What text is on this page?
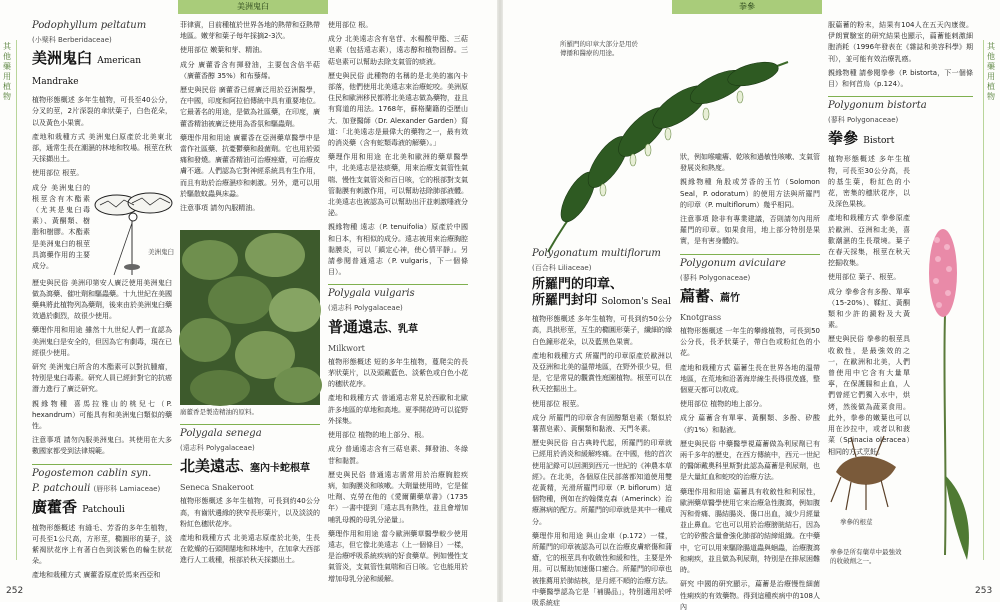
美洲鬼臼	拳參
其他藥用植物
其他藥用植物
252	253

Podophyllum peltatum

(小檗科 Berberidaceae)

美洲鬼臼 American Mandrake

植物形態概述 多年生植物，可長至40公分，分叉的莖，2片深裂的傘狀葉子，白色花朵，以及黃色小果實。

產地和栽種方式 美洲鬼臼原產於北美東北部，通常生長在潮濕的林地和牧場。根莖在秋天採擷出土。

使用部位 根莖。

成分 美洲鬼臼的根莖含有木酯素（尤其是鬼臼毒素）、黃酮類、樹脂和樹膠。木酯素是美洲鬼臼的根莖具瀉藥作用的主要成分。

歷史與民俗 美洲印第安人廣泛使用美洲鬼臼做為瀉藥、催吐劑和驅蟲藥。十九世紀在美國藥典將此植物列為藥劑，後來由於美洲鬼臼藥效過於劇烈，故很少使用。

藥理作用和用途 雖然十九世紀人們一直認為美洲鬼臼是安全的，但因為它有劇毒，現在已經很少使用。

研究 美洲鬼臼所含的木酯素可以對抗腫瘤，特別是鬼臼毒素。研究人員已經針對它的抗癌潛力進行了廣泛研究。

親緣物種 喜馬拉雅山的桃兒七（P. hexandrum）可能具有和美洲鬼臼類似的藥性。

注意事項 請勿內服美洲鬼臼。其使用在大多數國家都受到法律規範。

Pogostemon cablin syn.

P. patchouli (唇形科 Lamiaceae)

廣藿香 Patchouli

植物形態概述 有縫毛、芳香的多年生植物，可長至1公尺高，方形莖，橢圓形的葉子，淡紫褐狀花序上有著白色到淡紫色的輪生狀花朵。

產地和栽種方式 廣藿香原產於馬來西亞和

美洲鬼臼

菲律賓，目前種植於世界各地的熱帶和亞熱帶地區。嫩芽和葉子每年採摘2-3次。

使用部位 嫩葉和芽、精油。

成分 廣藿香含有揮發油，主要包含倍半萜（廣藿香醇 35%）和布藜烯。

歷史與民俗 廣藿香已經廣泛用於亞洲醫學，在中國，印度和阿拉伯傳統中具有重要地位。它最著名的用途，是做為社區藥，在印度，廣藿香精油被廣泛使用為香氛和驅蟲劑。

藥理作用和用途 廣藿香在亞洲藥草醫學中是當作社區藥、抗憂鬱藥和殺菌劑。它也用於頭痛和發燒。廣藿香精油可治療痤瘡，可治療皮膚不適。人們認為它對神經系統具有生作用，而且有助於治療濕疹和刺激。另外，還可以用於驅散蚊蟲與床蝨。

注意事項 請勿內服精油。

廣藿香是製造精油的原料。

Polygala senega

(遠志科 Polygalaceae)

北美遠志、塞內卡蛇根草

Seneca Snakeroot

植物形態概述 多年生植物，可長到約40公分高，有齒狀邊緣的狹窄長形葉片，以及淡淡的粉紅色穗狀花序。

產地和栽種方式 北美遠志原產於北美，生長在乾燥的石頭開闊地和林地中，在加拿大西部進行人工栽種，根部於秋天採擷出土。

使用部位 根。

成分 北美遠志含有皂苷、水楊酸甲酯、三萜皂素（包括遠志素），遠志醇和植物固醇。三萜皂素可以幫助去除支氣管的痰液。

歷史與民俗 此種物的名稱的是北美的塞內卡部落，他們使用北美遠志來治療蛇咬。美洲原住民和歐洲移民都將北美遠志做為藥物，並且有寫道的用法。1768年，蘇格蘭籍的亞歷山大．加登醫師（Dr. Alexander Garden）寫道：「北美遠志是最偉大的藥物之一，最有效的消炎藥（含有蛇類毒液的解藥）。」

藥理作用和用途 在北美和歐洲的藥草醫學中，北美遠志是祛痰藥，用來治療支氣管性氣喘、慢性支氣管炎和百日咳，它的根部對支氣管黏膜有刺激作用，可以幫助祛除肺部液體。北美遠志也被認為可以幫助出汗並刺激唾液分泌。

親緣物種 遠志（P. tenuifolia）原產於中國和日本，有相似的成分。遠志被用來治療胸腔黏膜炎，可以「鎮定心神，使心情平靜」。另請參閱普通遠志（P. vulgaris，下一個條目）。

Polygala vulgaris

(遠志科 Polygalaceae)

普通遠志、乳草

Milkwort

植物形態概述 短的多年生植物，蔓爬尖的長茅狀葉片，以及頭戴藍色、淡紫色或白色小花的穗狀花序。

產地和栽種方式 普通遠志常見於西歐和北歐許多地區的草地和高地。夏季開花時可以從野外採集。

使用部位 植物的地上部分、根。

成分 普通遠志含有三萜皂素、揮發油、冬綠苷和黏質。

歷史與民俗 普通遠志需常用於治療胸腔疾病，如胸膜炎和咳嗽。大劑量使用時，它是催吐劑、克勞在他的《愛爾蘭藥草書》（1735年）一書中提到「遠志具有熱性，並且會增加哺乳母親的母乳分泌量」。

藥理作用和用途 當今歐洲藥草醫學較少使用遠志，但它像北美遠志（上一個條目）一樣，是治療呼吸系統疾病的好食藥草。例如慢性支氣管炎，支氣管性氣喘和百日咳。它也能用於增加母乳分泌和緩解。

所羅門的印章大部分是用於傳播和醫療的用途。

Polygonatum multiflorum

(百合科 Liliaceae)

所羅門的印章、
所羅門封印 Solomon's Seal

植物形態概述 多年生植物，可長到約50公分高，具拱形莖，互生的橢圓形葉子，纖細的綠白色鐘形花朵，以及藍黑色果實。

產地和栽種方式 所羅門的印章原產於歐洲以及亞洲和北美的溫帶地區，在野外很少見，但是，它是常見的觀賞性庭園植物。根莖可以在秋天挖掘出土。

使用部位 根莖。

成分 所羅門的印章含有固醇類皂素（類似於薯蕷皂素）、黃酮類和黏液、天門冬素。

歷史與民俗 自古典時代起，所羅門的印章就已經用於消炎和緩解疼痛。在中國，他的首次使用記錄可以回溯到西元一世紀的《神農本草經》。在北美，各個原住民部落都知道使用雙花黃精，光滑所羅門印章（P. biflorum）這個物種，例如在約翰傑克森（Amerinck）治療淋病的配方。所羅門的印章就是其中一種成分。

藥理作用和用途 與山金車（p.172）一樣，所羅門的印章被認為可以在治療皮膚瘀傷和蒲瘡，它的根莖具有收斂性和緩和性，主要是外用。可以幫助加速傷口癒合。所羅門的印章也被推薦用於肺結核，是月經不順的治療方法。中藥醫學認為它是「補腸品」，特別適用於呼吸系統症

狀，例如喉嚨癢、乾咳和過敏性咳嗽、支氣管發展炎和熱度。

親緣物種 角股或芳香的玉竹（Solomon Seal，P. odoratum）的使用方法與所羅門的印章（P. multiflorum）幾乎相同。

注意事項 除非有專業建議，否則請勿內用所羅門的印章。如果食用，地上部分特別是果實，是有害身體的。

Polygonum aviculare

(蓼科 Polygonaceae)

萹蓄、萹竹

Knotgrass

植物形態概述 一年生的攀緣植物，可長到50公分長，長矛狀葉子，帶白色或粉紅色的小花。

產地和栽種方式 萹蓄生長在世界各地的溫帶地區，在荒地和沿著海岸線生長得很茂盛，整個夏天都可以收成。

使用部位 植物的地上部分。

成分 萹蓄含有單寧、黃酮類、多酚、矽酸（約1%）和黏液。

歷史與民俗 中藥醫學視萹蓄做為利尿劑已有兩千多年的歷史，在西方傳統中，西元一世紀的醫師戴奧科里斯對此認為萹蓄是利尿劑，也是大量紅血和蛇咬的治療方法。

藥理作用和用途 萹蓄具有收斂性和利尿性，歐洲藥草醫學使用它來治療急性腹瀉，例如腹泻和骨痛、腸結腸炎、傷口出血，減少月經量並止鼻血。它也可以用於治療膀胱結石，因為它的矽酸含量會強化肺部的結締組織。在中藥中，它可以用來驅除腸道蟲與蛔蟲，治療腹瀉和痢疾，並且做為利尿劑，特別是在排尿困難時。

研究 中國的研究顯示，萹蓄是治療慢性細菌性痢疾的有效藥物。得到這種疾病中的108人內

服萹蓄的粉末，結果有104人在五天內康復。伊朗實驗室的研究結果也顯示，萹蓄能刺激細胞消耗（1996年發表在《雜誌和美容科學》期刊），並可能有效治療乳癌。

親緣物種 請參閱拳參（P. bistorta，下一個條目）和何首烏（p.124）。

Polygonum bistorta

(蓼科 Polygonaceae)

拳參 Bistort

植物形態概述 多年生植物，可長至30公分高，長的基生葉，粉紅色的小花，密集的穗狀花序，以及深色果核。

產地和栽種方式 拳參原產於歐洲、亞洲和北美，喜歡潮濕的生長環境。葉子在春天採集，根莖在秋天挖掘收集。

使用部位 葉子、根莖。

成分 拳參含有多酚、單寧（15-20%）、鞣紅、黃酮類和少許的澱粉及大黃素。

歷史與民俗 拳參的根莖具收斂性，是最強效的之一，在歐洲和北美，人們曾使用中它含有大量單寧，在保護腸和止血，人們曾經它們獨入水中，烘烤，然後做為蔬菜食用。此外，拳參的嫩葉也可以用在沙拉中，或者以和菠菜（Spinacia oleracea）相同的方式烹飪。

拳參的根莖
拳參是所有藥草中最強效的收斂劑之一。
